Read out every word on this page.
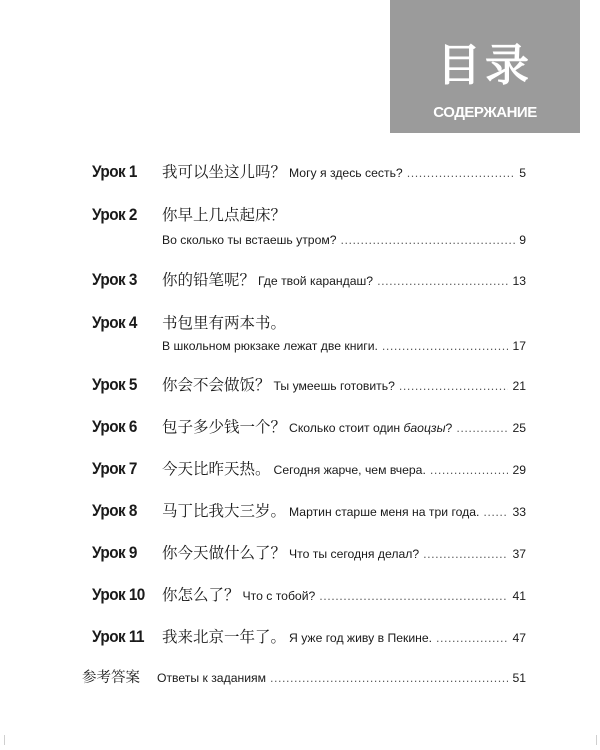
目录
СОДЕРЖАНИЕ
Урок 1 我可以坐这儿吗？ Могу я здесь сесть? .....	5
Урок 2 你早上几点起床？
Во сколько ты встаешь утром? .....	9
Урок 3 你的铅笔呢？ Где твой карандаш? .....	13
Урок 4 书包里有两本书。
В школьном рюкзаке лежат две книги. .....	17
Урок 5 你会不会做饭？ Ты умеешь готовить? .....	21
Урок 6 包子多少钱一个？ Сколько стоит один баоцзы? .....	25
Урок 7 今天比昨天热。 Сегодня жарче, чем вчера. .....	29
Урок 8 马丁比我大三岁。 Мартин старше меня на три года. .....	33
Урок 9 你今天做什么了？ Что ты сегодня делал? .....	37
Урок 10 你怎么了？ Что с тобой? .....	41
Урок 11 我来北京一年了。 Я уже год живу в Пекине. .....	47
参考答案 Ответы к заданиям .....	51
